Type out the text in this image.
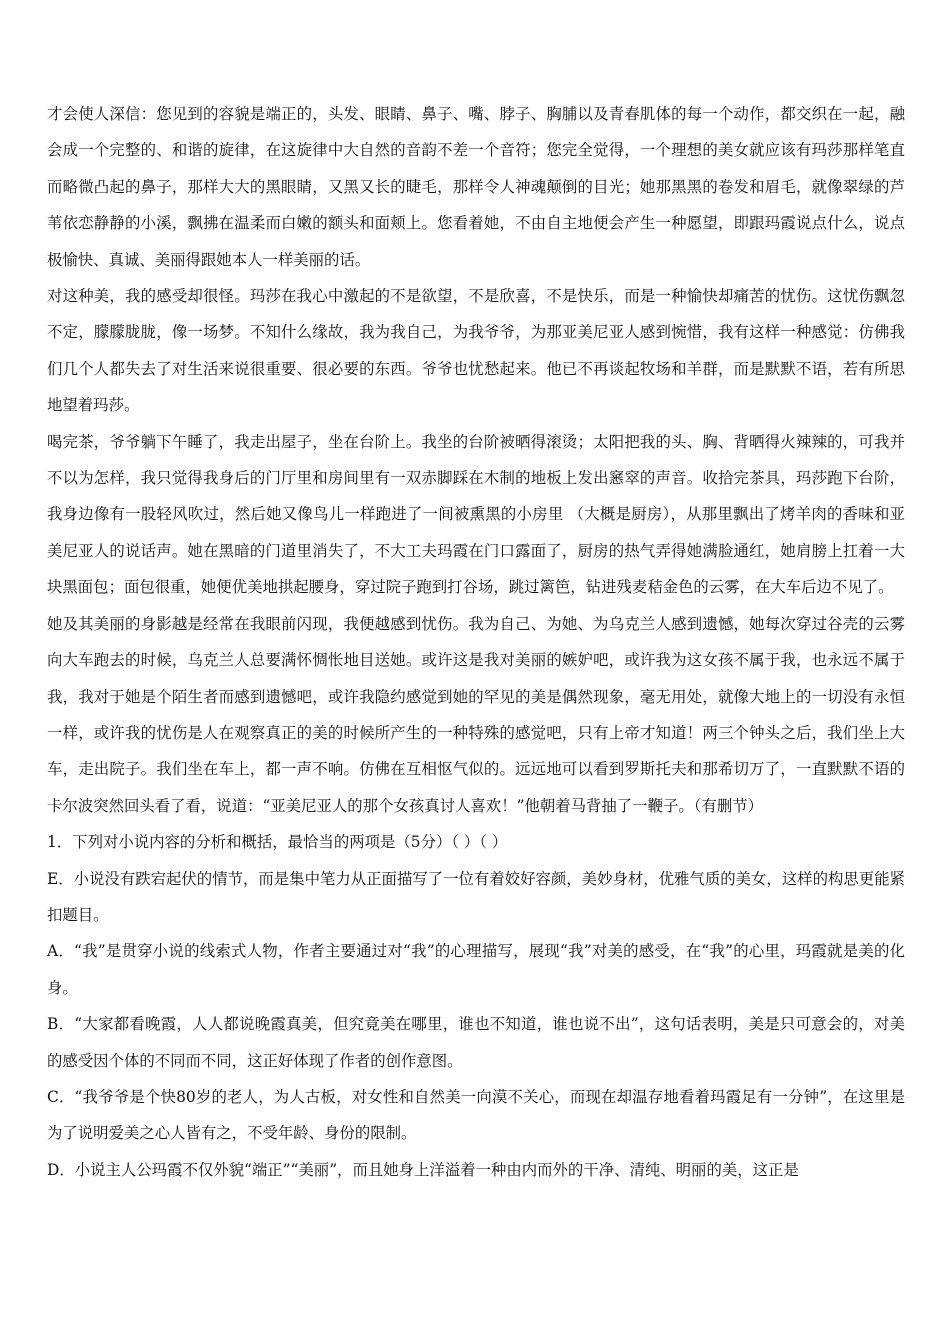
才会使人深信：您见到的容貌是端正的，头发、眼睛、鼻子、嘴、脖子、胸脯以及青春肌体的每一个动作，都交织在一起，融会成一个完整的、和谐的旋律，在这旋律中大自然的音韵不差一个音符；您完全觉得，一个理想的美女就应该有玛莎那样笔直而略微凸起的鼻子，那样大大的黑眼睛，又黑又长的睫毛，那样令人神魂颠倒的目光；她那黑黑的卷发和眉毛，就像翠绿的芦苇依恋静静的小溪，飘拂在温柔而白嫩的额头和面颊上。您看着她，不由自主地便会产生一种愿望，即跟玛霞说点什么，说点极愉快、真诚、美丽得跟她本人一样美丽的话。

对这种美，我的感受却很怪。玛莎在我心中激起的不是欲望，不是欣喜，不是快乐，而是一种愉快却痛苦的忧伤。这忧伤飘忽不定，朦朦胧胧，像一场梦。不知什么缘故，我为我自己，为我爷爷，为那亚美尼亚人感到惋惜，我有这样一种感觉：仿佛我们几个人都失去了对生活来说很重要、很必要的东西。爷爷也忧愁起来。他已不再谈起牧场和羊群，而是默默不语，若有所思地望着玛莎。

喝完茶，爷爷躺下午睡了，我走出屋子，坐在台阶上。我坐的台阶被晒得滚烫；太阳把我的头、胸、背晒得火辣辣的，可我并不以为怎样，我只觉得我身后的门厅里和房间里有一双赤脚踩在木制的地板上发出窸窣的声音。收拾完茶具，玛莎跑下台阶，我身边像有一股轻风吹过，然后她又像鸟儿一样跑进了一间被熏黑的小房里 （大概是厨房），从那里飘出了烤羊肉的香味和亚美尼亚人的说话声。她在黑暗的门道里消失了，不大工夫玛霞在门口露面了，厨房的热气弄得她满脸通红，她肩膀上扛着一大块黑面包；面包很重，她便优美地拱起腰身，穿过院子跑到打谷场，跳过篱笆，钻进残麦秸金色的云雾，在大车后边不见了。

她及其美丽的身影越是经常在我眼前闪现，我便越感到忧伤。我为自己、为她、为乌克兰人感到遗憾，她每次穿过谷壳的云雾向大车跑去的时候，乌克兰人总要满怀惆怅地目送她。或许这是我对美丽的嫉妒吧，或许我为这女孩不属于我，也永远不属于我，我对于她是个陌生者而感到遗憾吧，或许我隐约感觉到她的罕见的美是偶然现象，毫无用处，就像大地上的一切没有永恒一样，或许我的忧伤是人在观察真正的美的时候所产生的一种特殊的感觉吧，只有上帝才知道！两三个钟头之后，我们坐上大车，走出院子。我们坐在车上，都一声不响。仿佛在互相怄气似的。远远地可以看到罗斯托夫和那希切万了，一直默默不语的卡尔波突然回头看了看，说道：“亚美尼亚人的那个女孩真讨人喜欢！”他朝着马背抽了一鞭子。（有删节）

1．下列对小说内容的分析和概括，最恰当的两项是（5分）（ ）（ ）

E．小说没有跌宕起伏的情节，而是集中笔力从正面描写了一位有着姣好容颜，美妙身材，优雅气质的美女，这样的构思更能紧扣题目。

A．“我”是贯穿小说的线索式人物，作者主要通过对“我”的心理描写，展现“我”对美的感受，在“我”的心里，玛霞就是美的化身。

B．“大家都看晚霞，人人都说晚霞真美，但究竟美在哪里，谁也不知道，谁也说不出”，这句话表明，美是只可意会的，对美的感受因个体的不同而不同，这正好体现了作者的创作意图。

C．“我爷爷是个快80岁的老人，为人古板，对女性和自然美一向漠不关心，而现在却温存地看着玛霞足有一分钟”，在这里是为了说明爱美之心人皆有之，不受年龄、身份的限制。

D．小说主人公玛霞不仅外貌“端正”“美丽”，而且她身上洋溢着一种由内而外的干净、清纯、明丽的美，这正是
